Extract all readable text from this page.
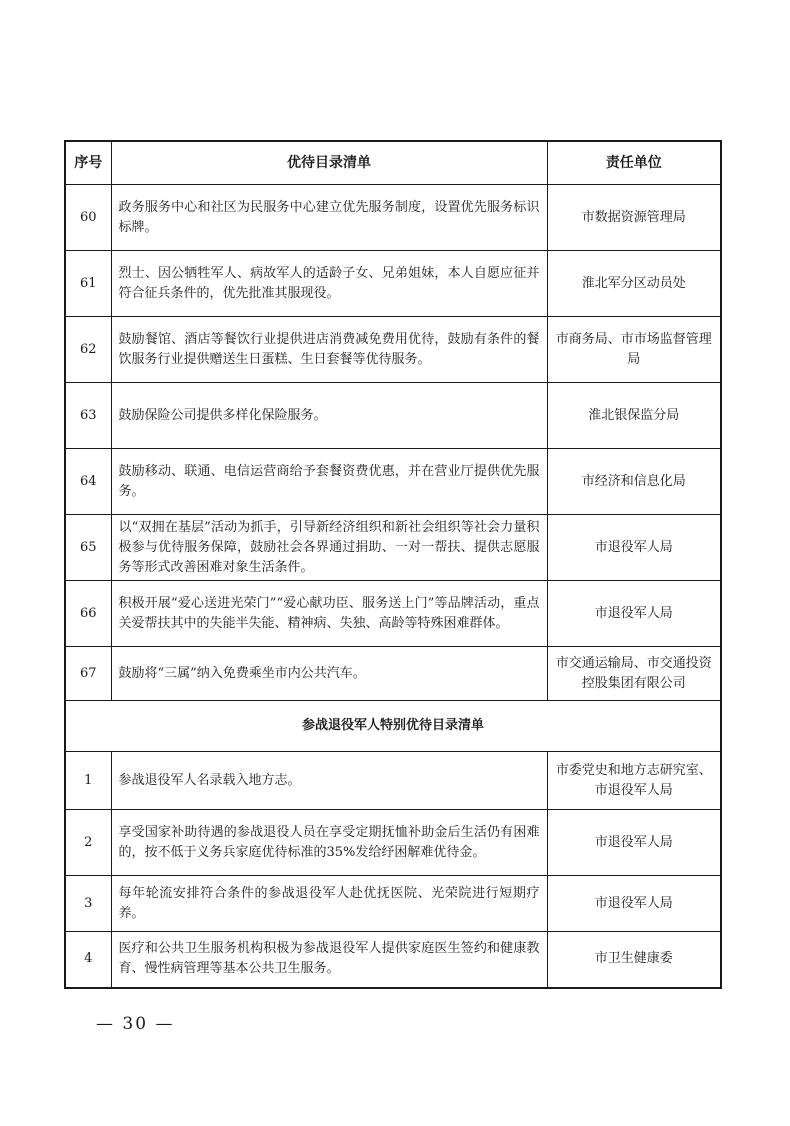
序号	优待目录清单	责任单位
60	政务服务中心和社区为民服务中心建立优先服务制度，设置优先服务标识标牌。	市数据资源管理局
61	烈士、因公牺牲军人、病故军人的适龄子女、兄弟姐妹，本人自愿应征并符合征兵条件的，优先批准其服现役。	淮北军分区动员处
62	鼓励餐馆、酒店等餐饮行业提供进店消费减免费用优待，鼓励有条件的餐饮服务行业提供赠送生日蛋糕、生日套餐等优待服务。	市商务局、市市场监督管理局
63	鼓励保险公司提供多样化保险服务。	淮北银保监分局
64	鼓励移动、联通、电信运营商给予套餐资费优惠，并在营业厅提供优先服务。	市经济和信息化局
65	以“双拥在基层”活动为抓手，引导新经济组织和新社会组织等社会力量积极参与优待服务保障，鼓励社会各界通过捐助、一对一帮扶、提供志愿服务等形式改善困难对象生活条件。	市退役军人局
66	积极开展“爱心送进光荣门”“爱心献功臣、服务送上门”等品牌活动，重点关爱帮扶其中的失能半失能、精神病、失独、高龄等特殊困难群体。	市退役军人局
67	鼓励将“三属”纳入免费乘坐市内公共汽车。	市交通运输局、市交通投资控股集团有限公司
参战退役军人特别优待目录清单		
1	参战退役军人名录载入地方志。	市委党史和地方志研究室、市退役军人局
2	享受国家补助待遇的参战退役人员在享受定期抚恤补助金后生活仍有困难的，按不低于义务兵家庭优待标准的35%发给纾困解难优待金。	市退役军人局
3	每年轮流安排符合条件的参战退役军人赴优抚医院、光荣院进行短期疗养。	市退役军人局
4	医疗和公共卫生服务机构积极为参战退役军人提供家庭医生签约和健康教育、慢性病管理等基本公共卫生服务。	市卫生健康委
— 30 —
